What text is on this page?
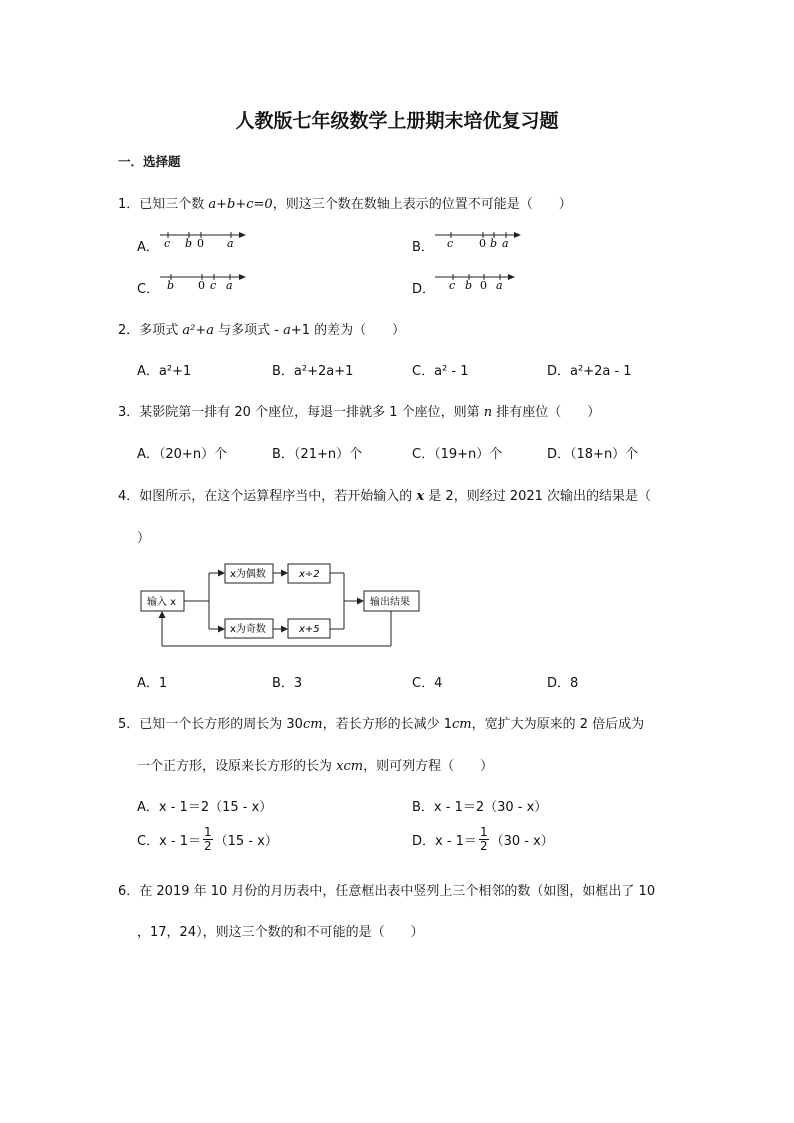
人教版七年级数学上册期末培优复习题
一．选择题
1．已知三个数 a+b+c=0，则这三个数在数轴上表示的位置不可能是（　　）
A． c b 0 a	B． c 0 b a
C． b 0 c a	D． c b 0 a
2．多项式 a²+a 与多项式 - a+1 的差为（　　）
A．a²+1	B．a²+2a+1	C．a² - 1	D．a²+2a - 1
3．某影院第一排有 20 个座位，每退一排就多 1 个座位，则第 n 排有座位（　　）
A．（20+n）个	B．（21+n）个	C．（19+n）个	D．（18+n）个
4．如图所示，在这个运算程序当中，若开始输入的 x 是 2，则经过 2021 次输出的结果是（
）
输入 x
x为偶数
x为奇数
x÷2
x+5
输出结果
A．1	B．3	C．4	D．8
5．已知一个长方形的周长为 30cm，若长方形的长减少 1cm，宽扩大为原来的 2 倍后成为
一个正方形，设原来长方形的长为 xcm，则可列方程（　　）
A．x - 1＝2（15 - x）	B．x - 1＝2（30 - x）
C．$x - 1= \frac{1}{2} (15 - x)$	D．$x - 1= \frac{1}{2} (30 - x)$
6．在 2019 年 10 月份的月历表中，任意框出表中竖列上三个相邻的数（如图，如框出了 10
，17，24），则这三个数的和不可能的是（　　）
